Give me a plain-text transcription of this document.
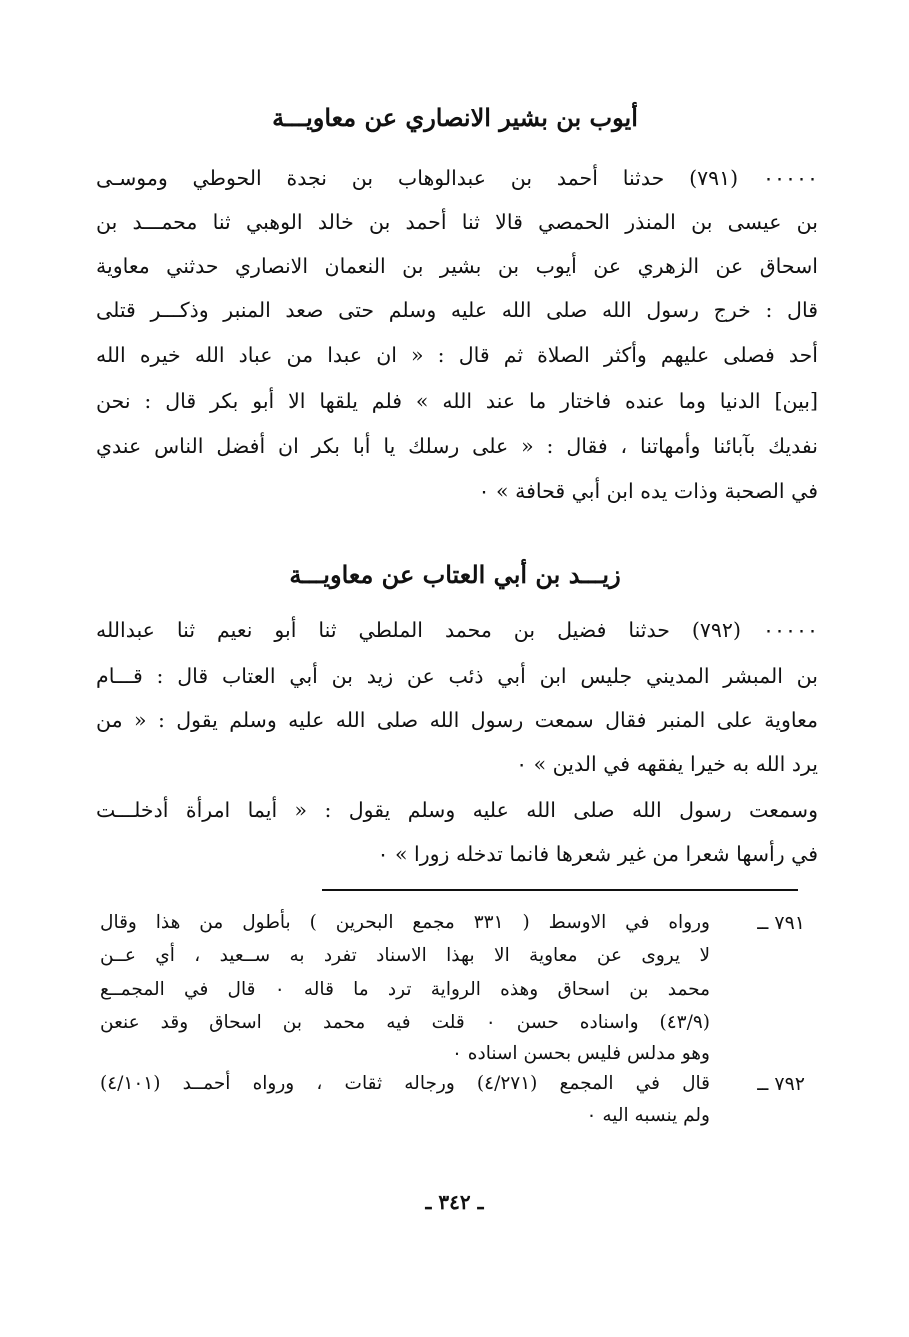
أيوب بن بشير الانصاري عن معاويـــة
٠٠٠٠٠ (٧٩١) حدثنا أحمد بن عبدالوهاب بن نجدة الحوطي وموسـى
بن عيسى بن المنذر الحمصي قالا ثنا أحمد بن خالد الوهبي ثنا محمـــد بن
اسحاق عن الزهري عن أيوب بن بشير بن النعمان الانصاري حدثني معاوية
قال : خرج رسول الله صلى الله عليه وسلم حتى صعد المنبر وذكـــر قتلى
أحد فصلى عليهم وأكثر الصلاة ثم قال : « ان عبدا من عباد الله خيره الله
[بين] الدنيا وما عنده فاختار ما عند الله » فلم يلقها الا أبو بكر قال : نحن
نفديك بآبائنا وأمهاتنا ، فقال : « على رسلك يا أبا بكر ان أفضل الناس عندي
في الصحبة وذات يده ابن أبي قحافة » ٠
زيـــد بن أبي العتاب عن معاويـــة
٠٠٠٠٠ (٧٩٢) حدثنا فضيل بن محمد الملطي ثنا أبو نعيم ثنا عبدالله
بن المبشر المديني جليس ابن أبي ذئب عن زيد بن أبي العتاب قال : قـــام
معاوية على المنبر فقال سمعت رسول الله صلى الله عليه وسلم يقول : « من
يرد الله به خيرا يفقهه في الدين » ٠
وسمعت رسول الله صلى الله عليه وسلم يقول : « أيما امرأة أدخلـــت
في رأسها شعرا من غير شعرها فانما تدخله زورا » ٠
٧٩١ ــ
ورواه في الاوسط ( ٣٣١ مجمع البحرين ) بأطول من هذا وقال
لا يروى عن معاوية الا بهذا الاسناد تفرد به ســعيد ، أي عــن
محمد بن اسحاق وهذه الرواية ترد ما قاله ٠ قال في المجمــع
(٤٣/٩) واسناده حسن ٠ قلت فيه محمد بن اسحاق وقد عنعن
وهو مدلس فليس بحسن اسناده ٠
٧٩٢ ــ
قال في المجمع (٤/٢٧١) ورجاله ثقات ، ورواه أحمــد (٤/١٠١)
ولم ينسبه اليه ٠
ـ ٣٤٢ ـ
